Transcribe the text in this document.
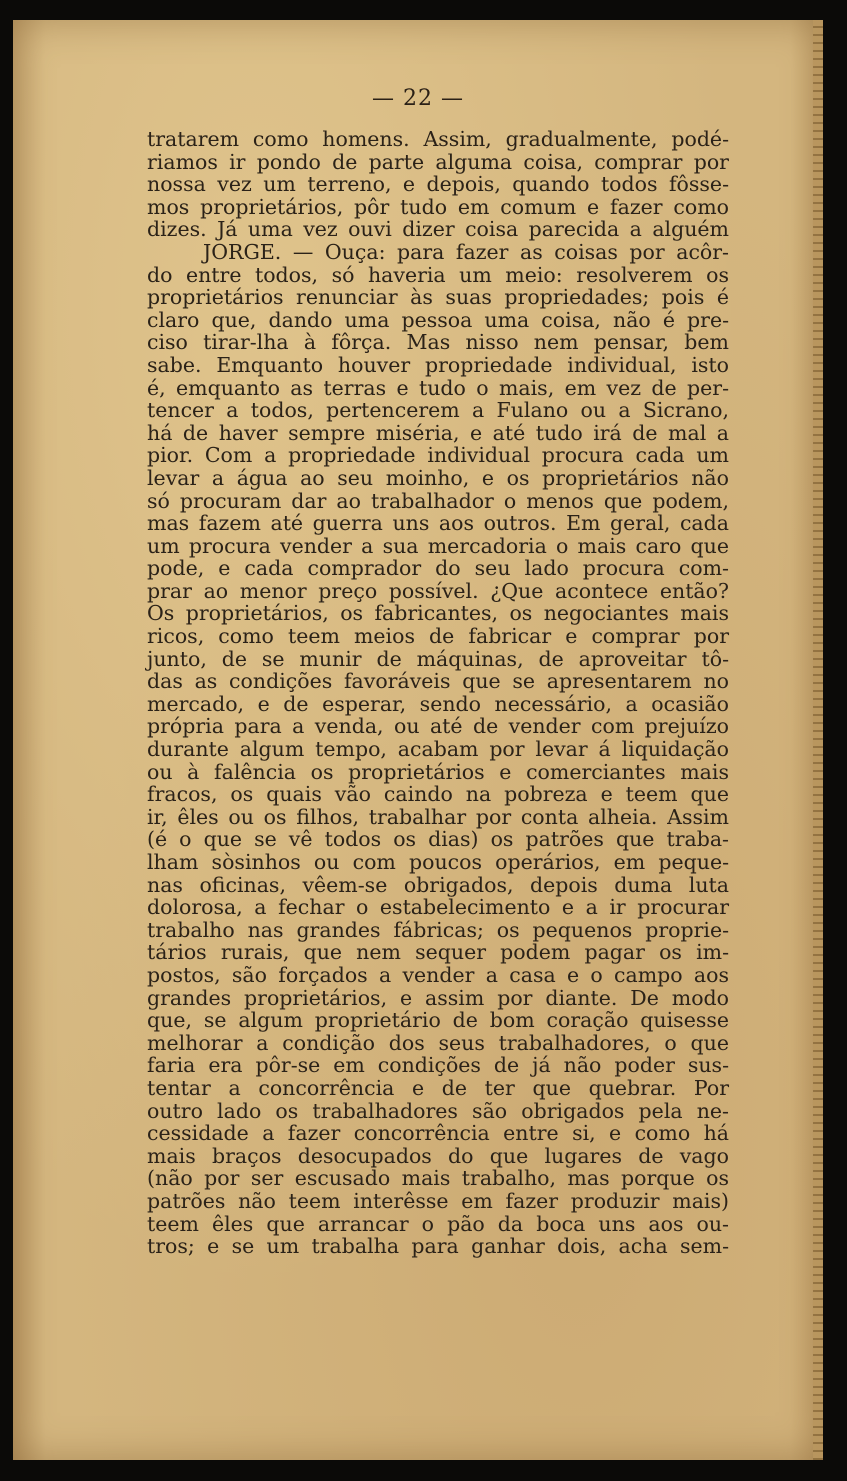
— 22 —
tratarem como homens. Assim, gradualmente, podé-
riamos ir pondo de parte alguma coisa, comprar por
nossa vez um terreno, e depois, quando todos fôsse-
mos proprietários, pôr tudo em comum e fazer como
dizes. Já uma vez ouvi dizer coisa parecida a alguém
JORGE. — Ouça: para fazer as coisas por acôr-
do entre todos, só haveria um meio: resolverem os
proprietários renunciar às suas propriedades; pois é
claro que, dando uma pessoa uma coisa, não é pre-
ciso tirar-lha à fôrça. Mas nisso nem pensar, bem
sabe. Emquanto houver propriedade individual, isto
é, emquanto as terras e tudo o mais, em vez de per-
tencer a todos, pertencerem a Fulano ou a Sicrano,
há de haver sempre miséria, e até tudo irá de mal a
pior. Com a propriedade individual procura cada um
levar a água ao seu moinho, e os proprietários não
só procuram dar ao trabalhador o menos que podem,
mas fazem até guerra uns aos outros. Em geral, cada
um procura vender a sua mercadoria o mais caro que
pode, e cada comprador do seu lado procura com-
prar ao menor preço possível. ¿Que acontece então?
Os proprietários, os fabricantes, os negociantes mais
ricos, como teem meios de fabricar e comprar por
junto, de se munir de máquinas, de aproveitar tô-
das as condições favoráveis que se apresentarem no
mercado, e de esperar, sendo necessário, a ocasião
própria para a venda, ou até de vender com prejuízo
durante algum tempo, acabam por levar á liquidação
ou à falência os proprietários e comerciantes mais
fracos, os quais vão caindo na pobreza e teem que
ir, êles ou os filhos, trabalhar por conta alheia. Assim
(é o que se vê todos os dias) os patrões que traba-
lham sòsinhos ou com poucos operários, em peque-
nas oficinas, vêem-se obrigados, depois duma luta
dolorosa, a fechar o estabelecimento e a ir procurar
trabalho nas grandes fábricas; os pequenos proprie-
tários rurais, que nem sequer podem pagar os im-
postos, são forçados a vender a casa e o campo aos
grandes proprietários, e assim por diante. De modo
que, se algum proprietário de bom coração quisesse
melhorar a condição dos seus trabalhadores, o que
faria era pôr-se em condições de já não poder sus-
tentar a concorrência e de ter que quebrar. Por
outro lado os trabalhadores são obrigados pela ne-
cessidade a fazer concorrência entre si, e como há
mais braços desocupados do que lugares de vago
(não por ser escusado mais trabalho, mas porque os
patrões não teem interêsse em fazer produzir mais)
teem êles que arrancar o pão da boca uns aos ou-
tros; e se um trabalha para ganhar dois, acha sem-
